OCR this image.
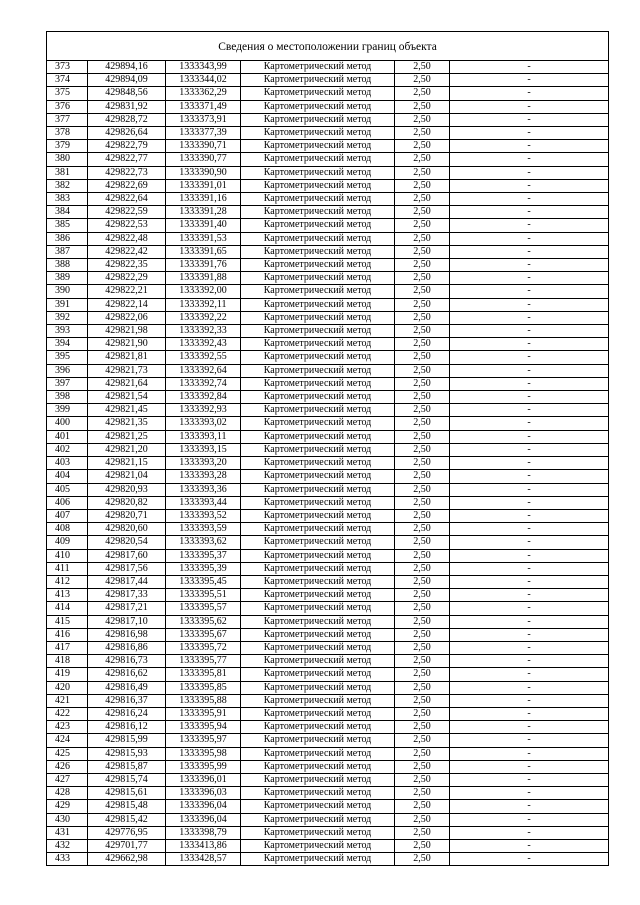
Сведения о местоположении границ объекта					
373	429894,16	1333343,99	Картометрический метод	2,50	-
374	429894,09	1333344,02	Картометрический метод	2,50	-
375	429848,56	1333362,29	Картометрический метод	2,50	-
376	429831,92	1333371,49	Картометрический метод	2,50	-
377	429828,72	1333373,91	Картометрический метод	2,50	-
378	429826,64	1333377,39	Картометрический метод	2,50	-
379	429822,79	1333390,71	Картометрический метод	2,50	-
380	429822,77	1333390,77	Картометрический метод	2,50	-
381	429822,73	1333390,90	Картометрический метод	2,50	-
382	429822,69	1333391,01	Картометрический метод	2,50	-
383	429822,64	1333391,16	Картометрический метод	2,50	-
384	429822,59	1333391,28	Картометрический метод	2,50	-
385	429822,53	1333391,40	Картометрический метод	2,50	-
386	429822,48	1333391,53	Картометрический метод	2,50	-
387	429822,42	1333391,65	Картометрический метод	2,50	-
388	429822,35	1333391,76	Картометрический метод	2,50	-
389	429822,29	1333391,88	Картометрический метод	2,50	-
390	429822,21	1333392,00	Картометрический метод	2,50	-
391	429822,14	1333392,11	Картометрический метод	2,50	-
392	429822,06	1333392,22	Картометрический метод	2,50	-
393	429821,98	1333392,33	Картометрический метод	2,50	-
394	429821,90	1333392,43	Картометрический метод	2,50	-
395	429821,81	1333392,55	Картометрический метод	2,50	-
396	429821,73	1333392,64	Картометрический метод	2,50	-
397	429821,64	1333392,74	Картометрический метод	2,50	-
398	429821,54	1333392,84	Картометрический метод	2,50	-
399	429821,45	1333392,93	Картометрический метод	2,50	-
400	429821,35	1333393,02	Картометрический метод	2,50	-
401	429821,25	1333393,11	Картометрический метод	2,50	-
402	429821,20	1333393,15	Картометрический метод	2,50	-
403	429821,15	1333393,20	Картометрический метод	2,50	-
404	429821,04	1333393,28	Картометрический метод	2,50	-
405	429820,93	1333393,36	Картометрический метод	2,50	-
406	429820,82	1333393,44	Картометрический метод	2,50	-
407	429820,71	1333393,52	Картометрический метод	2,50	-
408	429820,60	1333393,59	Картометрический метод	2,50	-
409	429820,54	1333393,62	Картометрический метод	2,50	-
410	429817,60	1333395,37	Картометрический метод	2,50	-
411	429817,56	1333395,39	Картометрический метод	2,50	-
412	429817,44	1333395,45	Картометрический метод	2,50	-
413	429817,33	1333395,51	Картометрический метод	2,50	-
414	429817,21	1333395,57	Картометрический метод	2,50	-
415	429817,10	1333395,62	Картометрический метод	2,50	-
416	429816,98	1333395,67	Картометрический метод	2,50	-
417	429816,86	1333395,72	Картометрический метод	2,50	-
418	429816,73	1333395,77	Картометрический метод	2,50	-
419	429816,62	1333395,81	Картометрический метод	2,50	-
420	429816,49	1333395,85	Картометрический метод	2,50	-
421	429816,37	1333395,88	Картометрический метод	2,50	-
422	429816,24	1333395,91	Картометрический метод	2,50	-
423	429816,12	1333395,94	Картометрический метод	2,50	-
424	429815,99	1333395,97	Картометрический метод	2,50	-
425	429815,93	1333395,98	Картометрический метод	2,50	-
426	429815,87	1333395,99	Картометрический метод	2,50	-
427	429815,74	1333396,01	Картометрический метод	2,50	-
428	429815,61	1333396,03	Картометрический метод	2,50	-
429	429815,48	1333396,04	Картометрический метод	2,50	-
430	429815,42	1333396,04	Картометрический метод	2,50	-
431	429776,95	1333398,79	Картометрический метод	2,50	-
432	429701,77	1333413,86	Картометрический метод	2,50	-
433	429662,98	1333428,57	Картометрический метод	2,50	-
